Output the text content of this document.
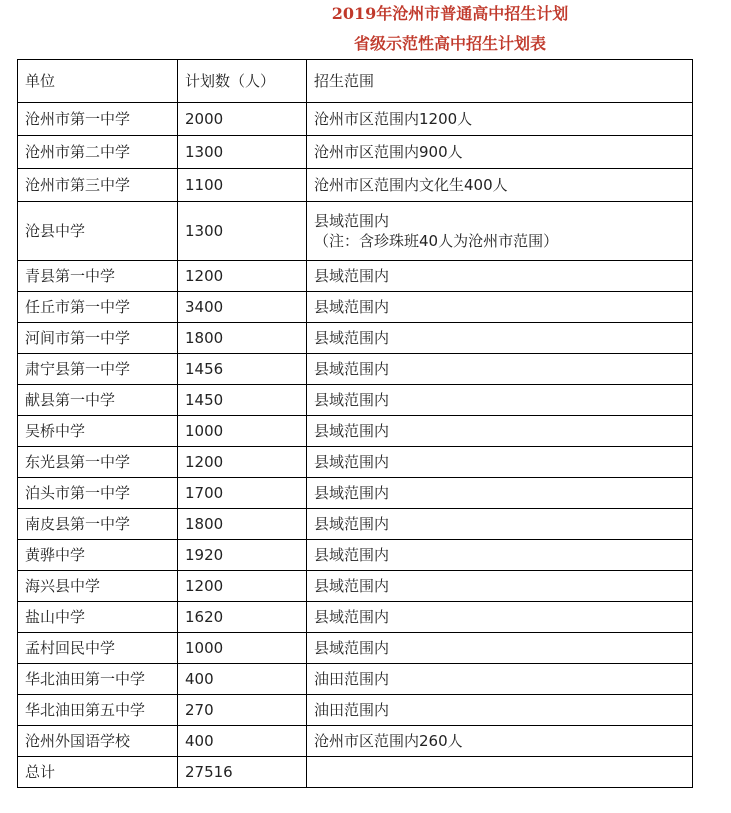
2019年沧州市普通高中招生计划
省级示范性高中招生计划表
单位	计划数（人）	招生范围
沧州市第一中学	2000	沧州市区范围内1200人
沧州市第二中学	1300	沧州市区范围内900人
沧州市第三中学	1100	沧州市区范围内文化生400人
沧县中学	1300	县域范围内
（注：含珍珠班40人为沧州市范围）

青县第一中学	1200	县域范围内
任丘市第一中学	3400	县域范围内
河间市第一中学	1800	县域范围内
肃宁县第一中学	1456	县域范围内
献县第一中学	1450	县域范围内
吴桥中学	1000	县域范围内
东光县第一中学	1200	县域范围内
泊头市第一中学	1700	县域范围内
南皮县第一中学	1800	县域范围内
黄骅中学	1920	县域范围内
海兴县中学	1200	县域范围内
盐山中学	1620	县域范围内
孟村回民中学	1000	县域范围内
华北油田第一中学	400	油田范围内
华北油田第五中学	270	油田范围内
沧州外国语学校	400	沧州市区范围内260人
总计	27516	
